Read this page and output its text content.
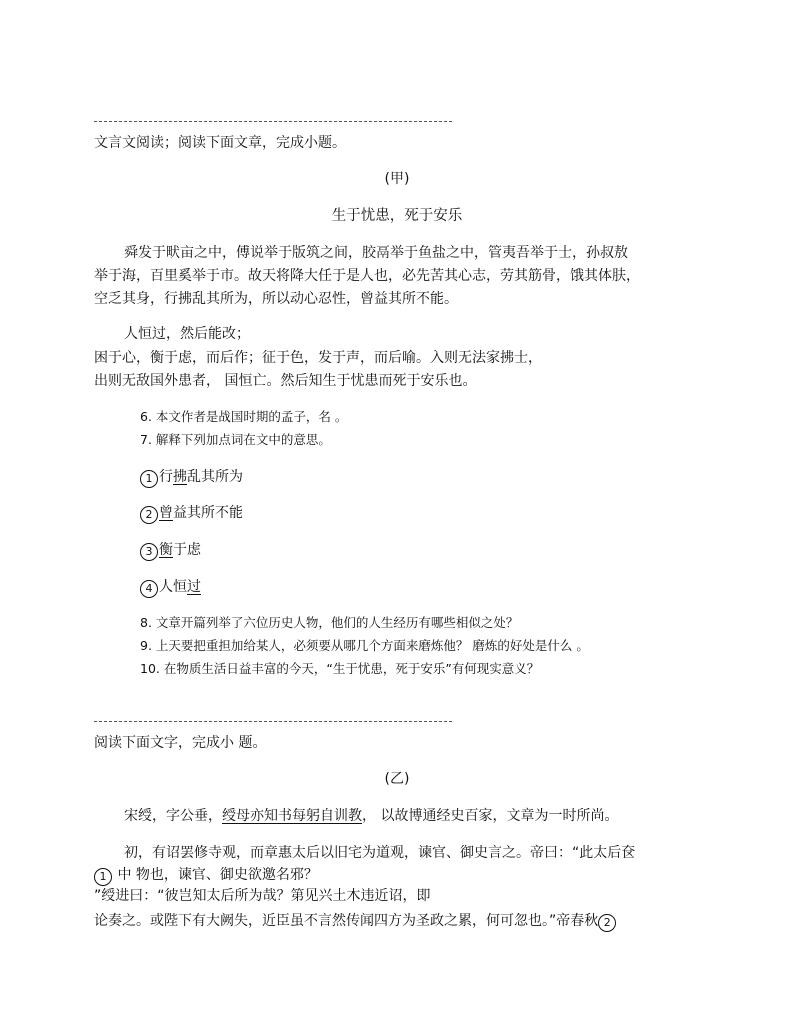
文言文阅读；阅读下面文章，完成小题。
(甲)
生于忧患，死于安乐
舜发于畎亩之中，傅说举于版筑之间，胶鬲举于鱼盐之中，管夷吾举于士，孙叔敖
举于海，百里奚举于市。故天将降大任于是人也，必先苦其心志，劳其筋骨，饿其体肤，
空乏其身，行拂乱其所为，所以动心忍性，曾益其所不能。
人恒过，然后能改；
困于心，衡于虑，而后作；征于色，发于声，而后喻。入则无法家拂士，
出则无敌国外患者， 国恒亡。然后知生于忧患而死于安乐也。
6. 本文作者是战国时期的孟子，名 。
7. 解释下列加点词在文中的意思。
1 行拂乱其所为
2 曾益其所不能
3 衡于虑
4 人恒过
8. 文章开篇列举了六位历史人物，他们的人生经历有哪些相似之处？
9. 上天要把重担加给某人，必须要从哪几个方面来磨炼他？ 磨炼的好处是什么 。
10. 在物质生活日益丰富的今天，“生于忧患，死于安乐”有何现实意义？
阅读下面文字，完成小 题。
(乙)
宋绶，字公垂，绶母亦知书每躬自训教， 以故博通经史百家，文章为一时所尚。
初，有诏罢修寺观，而章惠太后以旧宅为道观，谏官、御史言之。帝曰：“此太后奁
1 中 物也，谏官、御史欲邀名邪？
”绶进曰：“彼岂知太后所为哉？第见兴土木违近诏，即
论奏之。或陛下有大阙失，近臣虽不言然传闻四方为圣政之累，何可忽也。”帝春秋 2
